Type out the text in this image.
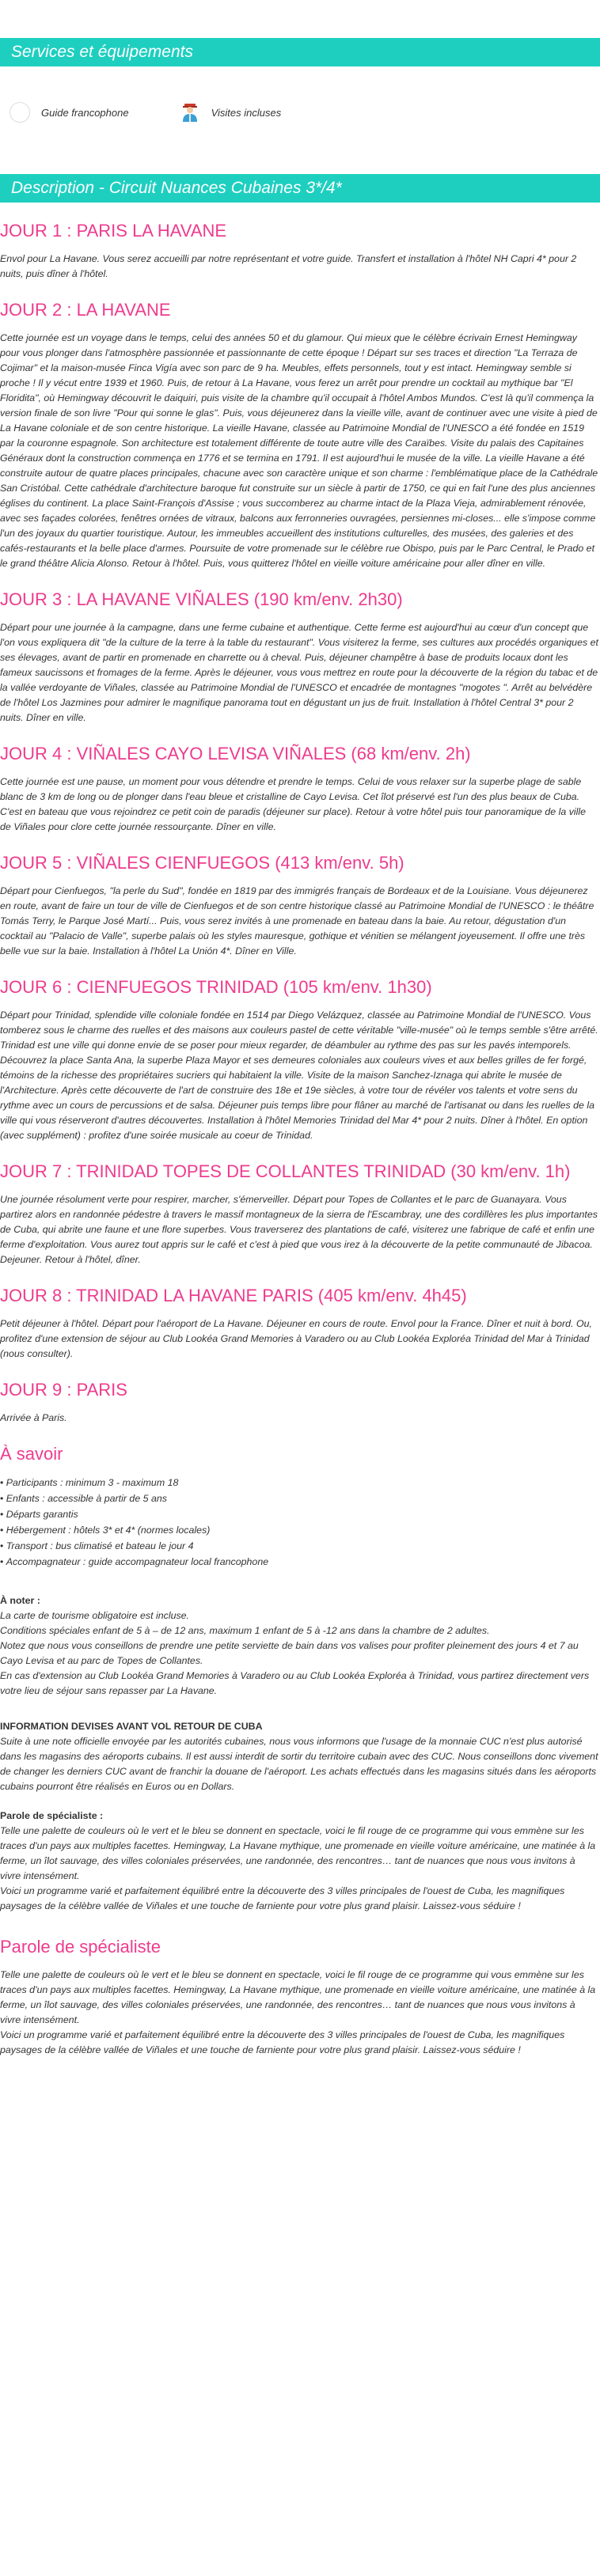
Services et équipements
Guide francophone	Visites incluses
Description - Circuit Nuances Cubaines 3*/4*
JOUR 1 : PARIS LA HAVANE

Envol pour La Havane. Vous serez accueilli par notre représentant et votre guide. Transfert et installation à l'hôtel NH Capri 4* pour 2 nuits, puis dîner à l'hôtel.

JOUR 2 : LA HAVANE

Cette journée est un voyage dans le temps, celui des années 50 et du glamour. Qui mieux que le célèbre écrivain Ernest Hemingway pour vous plonger dans l'atmosphère passionnée et passionnante de cette époque ! Départ sur ses traces et direction "La Terraza de Cojimar" et la maison-musée Finca Vigía avec son parc de 9 ha. Meubles, effets personnels, tout y est intact. Hemingway semble si proche ! Il y vécut entre 1939 et 1960. Puis, de retour à La Havane, vous ferez un arrêt pour prendre un cocktail au mythique bar "El Floridita", où Hemingway découvrit le daiquiri, puis visite de la chambre qu'il occupait à l'hôtel Ambos Mundos. C'est là qu'il commença la version finale de son livre "Pour qui sonne le glas". Puis, vous déjeunerez dans la vieille ville, avant de continuer avec une visite à pied de La Havane coloniale et de son centre historique. La vieille Havane, classée au Patrimoine Mondial de l'UNESCO a été fondée en 1519 par la couronne espagnole. Son architecture est totalement différente de toute autre ville des Caraïbes. Visite du palais des Capitaines Généraux dont la construction commença en 1776 et se termina en 1791. Il est aujourd'hui le musée de la ville. La vieille Havane a été construite autour de quatre places principales, chacune avec son caractère unique et son charme : l'emblématique place de la Cathédrale San Cristóbal. Cette cathédrale d'architecture baroque fut construite sur un siècle à partir de 1750, ce qui en fait l'une des plus anciennes églises du continent. La place Saint-François d'Assise ; vous succomberez au charme intact de la Plaza Vieja, admirablement rénovée, avec ses façades colorées, fenêtres ornées de vitraux, balcons aux ferronneries ouvragées, persiennes mi-closes... elle s'impose comme l'un des joyaux du quartier touristique. Autour, les immeubles accueillent des institutions culturelles, des musées, des galeries et des cafés-restaurants et la belle place d'armes. Poursuite de votre promenade sur le célèbre rue Obispo, puis par le Parc Central, le Prado et le grand théâtre Alicia Alonso. Retour à l'hôtel. Puis, vous quitterez l'hôtel en vieille voiture américaine pour aller dîner en ville.

JOUR 3 : LA HAVANE VIÑALES (190 km/env. 2h30)

Départ pour une journée à la campagne, dans une ferme cubaine et authentique. Cette ferme est aujourd'hui au cœur d'un concept que l'on vous expliquera dit "de la culture de la terre à la table du restaurant". Vous visiterez la ferme, ses cultures aux procédés organiques et ses élevages, avant de partir en promenade en charrette ou à cheval. Puis, déjeuner champêtre à base de produits locaux dont les fameux saucissons et fromages de la ferme. Après le déjeuner, vous vous mettrez en route pour la découverte de la région du tabac et de la vallée verdoyante de Viñales, classée au Patrimoine Mondial de l'UNESCO et encadrée de montagnes "mogotes ". Arrêt au belvédère de l'hôtel Los Jazmines pour admirer le magnifique panorama tout en dégustant un jus de fruit. Installation à l'hôtel Central 3* pour 2 nuits. Dîner en ville.

JOUR 4 : VIÑALES CAYO LEVISA VIÑALES (68 km/env. 2h)

Cette journée est une pause, un moment pour vous détendre et prendre le temps. Celui de vous relaxer sur la superbe plage de sable blanc de 3 km de long ou de plonger dans l'eau bleue et cristalline de Cayo Levisa. Cet îlot préservé est l'un des plus beaux de Cuba. C'est en bateau que vous rejoindrez ce petit coin de paradis (déjeuner sur place). Retour à votre hôtel puis tour panoramique de la ville de Viñales pour clore cette journée ressourçante. Dîner en ville.

JOUR 5 : VIÑALES CIENFUEGOS (413 km/env. 5h)

Départ pour Cienfuegos, "la perle du Sud", fondée en 1819 par des immigrés français de Bordeaux et de la Louisiane. Vous déjeunerez en route, avant de faire un tour de ville de Cienfuegos et de son centre historique classé au Patrimoine Mondial de l'UNESCO : le théâtre Tomás Terry, le Parque José Martí... Puis, vous serez invités à une promenade en bateau dans la baie. Au retour, dégustation d'un cocktail au "Palacio de Valle", superbe palais où les styles mauresque, gothique et vénitien se mélangent joyeusement. Il offre une très belle vue sur la baie. Installation à l'hôtel La Unión 4*. Dîner en Ville.

JOUR 6 : CIENFUEGOS TRINIDAD (105 km/env. 1h30)

Départ pour Trinidad, splendide ville coloniale fondée en 1514 par Diego Velázquez, classée au Patrimoine Mondial de l'UNESCO. Vous tomberez sous le charme des ruelles et des maisons aux couleurs pastel de cette véritable "ville-musée" où le temps semble s'être arrêté. Trinidad est une ville qui donne envie de se poser pour mieux regarder, de déambuler au rythme des pas sur les pavés intemporels. Découvrez la place Santa Ana, la superbe Plaza Mayor et ses demeures coloniales aux couleurs vives et aux belles grilles de fer forgé, témoins de la richesse des propriétaires sucriers qui habitaient la ville. Visite de la maison Sanchez-Iznaga qui abrite le musée de l'Architecture. Après cette découverte de l'art de construire des 18e et 19e siècles, à votre tour de révéler vos talents et votre sens du rythme avec un cours de percussions et de salsa. Déjeuner puis temps libre pour flâner au marché de l'artisanat ou dans les ruelles de la ville qui vous réserveront d'autres découvertes. Installation à l'hôtel Memories Trinidad del Mar 4* pour 2 nuits. Dîner à l'hôtel. En option (avec supplément) : profitez d'une soirée musicale au coeur de Trinidad.

JOUR 7 : TRINIDAD TOPES DE COLLANTES TRINIDAD (30 km/env. 1h)

Une journée résolument verte pour respirer, marcher, s'émerveiller. Départ pour Topes de Collantes et le parc de Guanayara. Vous partirez alors en randonnée pédestre à travers le massif montagneux de la sierra de l'Escambray, une des cordillères les plus importantes de Cuba, qui abrite une faune et une flore superbes. Vous traverserez des plantations de café, visiterez une fabrique de café et enfin une ferme d'exploitation. Vous aurez tout appris sur le café et c'est à pied que vous irez à la découverte de la petite communauté de Jibacoa. Dejeuner. Retour à l'hôtel, dîner.

JOUR 8 : TRINIDAD LA HAVANE PARIS (405 km/env. 4h45)

Petit déjeuner à l'hôtel. Départ pour l'aéroport de La Havane. Déjeuner en cours de route. Envol pour la France. Dîner et nuit à bord. Ou, profitez d'une extension de séjour au Club Lookéa Grand Memories à Varadero ou au Club Lookéa Exploréa Trinidad del Mar à Trinidad (nous consulter).

JOUR 9 : PARIS

Arrivée à Paris.

À savoir
• Participants : minimum 3 - maximum 18
• Enfants : accessible à partir de 5 ans
• Départs garantis
• Hébergement : hôtels 3* et 4* (normes locales)
• Transport : bus climatisé et bateau le jour 4
• Accompagnateur : guide accompagnateur local francophone

À noter :

La carte de tourisme obligatoire est incluse.

Conditions spéciales enfant de 5 à – de 12 ans, maximum 1 enfant de 5 à -12 ans dans la chambre de 2 adultes.

Notez que nous vous conseillons de prendre une petite serviette de bain dans vos valises pour profiter pleinement des jours 4 et 7 au Cayo Levisa et au parc de Topes de Collantes.

En cas d'extension au Club Lookéa Grand Memories à Varadero ou au Club Lookéa Exploréa à Trinidad, vous partirez directement vers votre lieu de séjour sans repasser par La Havane.

INFORMATION DEVISES AVANT VOL RETOUR DE CUBA

Suite à une note officielle envoyée par les autorités cubaines, nous vous informons que l'usage de la monnaie CUC n'est plus autorisé dans les magasins des aéroports cubains. Il est aussi interdit de sortir du territoire cubain avec des CUC. Nous conseillons donc vivement de changer les derniers CUC avant de franchir la douane de l'aéroport. Les achats effectués dans les magasins situés dans les aéroports cubains pourront être réalisés en Euros ou en Dollars.

Parole de spécialiste :

Telle une palette de couleurs où le vert et le bleu se donnent en spectacle, voici le fil rouge de ce programme qui vous emmène sur les traces d'un pays aux multiples facettes. Hemingway, La Havane mythique, une promenade en vieille voiture américaine, une matinée à la ferme, un îlot sauvage, des villes coloniales préservées, une randonnée, des rencontres… tant de nuances que nous vous invitons à vivre intensément.

Voici un programme varié et parfaitement équilibré entre la découverte des 3 villes principales de l'ouest de Cuba, les magnifiques paysages de la célèbre vallée de Viñales et une touche de farniente pour votre plus grand plaisir. Laissez-vous séduire !

Parole de spécialiste

Telle une palette de couleurs où le vert et le bleu se donnent en spectacle, voici le fil rouge de ce programme qui vous emmène sur les traces d'un pays aux multiples facettes. Hemingway, La Havane mythique, une promenade en vieille voiture américaine, une matinée à la ferme, un îlot sauvage, des villes coloniales préservées, une randonnée, des rencontres… tant de nuances que nous vous invitons à vivre intensément.

Voici un programme varié et parfaitement équilibré entre la découverte des 3 villes principales de l'ouest de Cuba, les magnifiques paysages de la célèbre vallée de Viñales et une touche de farniente pour votre plus grand plaisir. Laissez-vous séduire !
